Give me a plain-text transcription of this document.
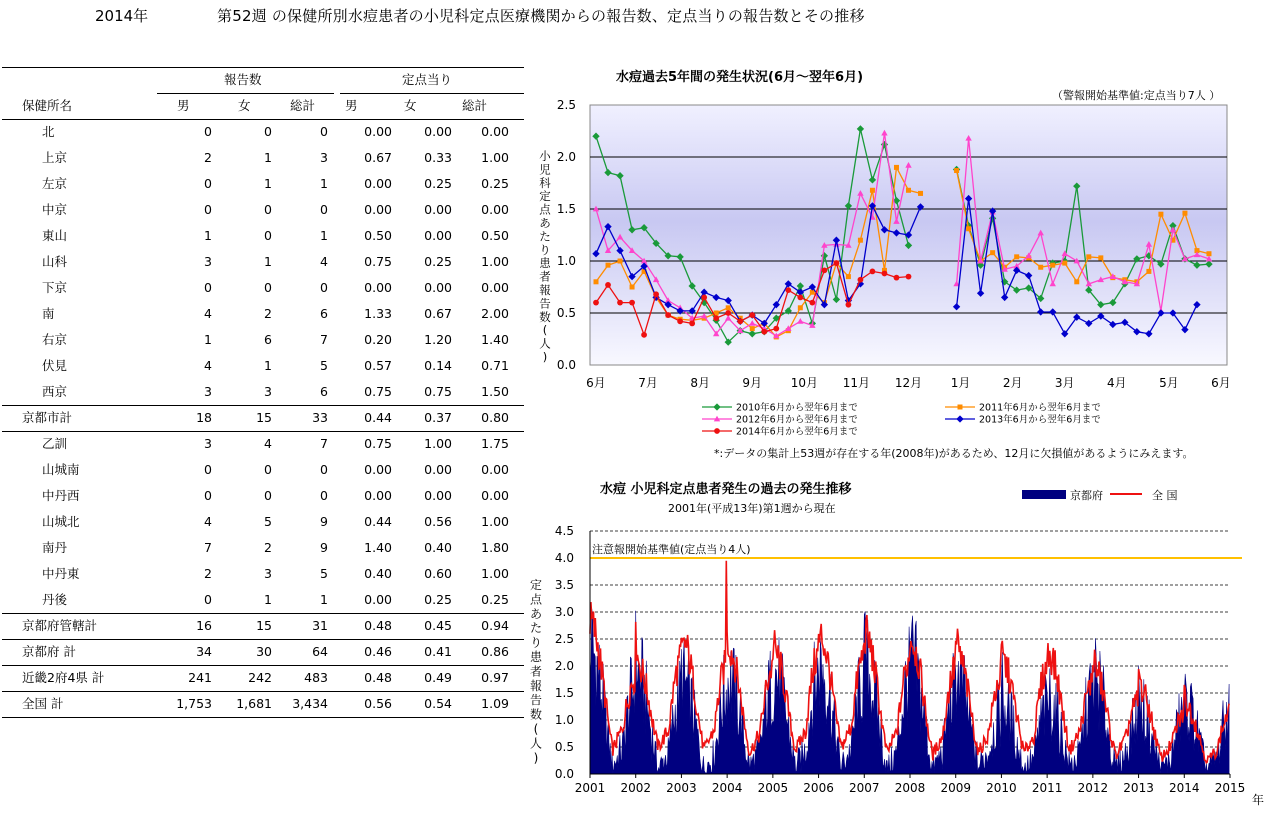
2014年	第52週 の保健所別水痘患者の小児科定点医療機関からの報告数、定点当りの報告数とその推移
報告数	定点当り
保健所名	男	女	総計 男	女	総計
北	0	0	0	0.00	0.00 0.00
上京	2	1	3	0.67	0.33 1.00
左京	0	1	1	0.00	0.25 0.25
中京	0	0	0	0.00	0.00 0.00
東山	1	0	1	0.50	0.00 0.50
山科	3	1	4	0.75	0.25 1.00
下京	0	0	0	0.00	0.00 0.00
南	4	2	6	1.33	0.67 2.00
右京	1	6	7	0.20	1.20 1.40
伏見	4	1	5	0.57	0.14 0.71
西京	3	3	6	0.75	0.75 1.50
京都市計	18	15	33	0.44	0.37 0.80
乙訓	3	4	7	0.75	1.00 1.75
山城南	0	0	0	0.00	0.00 0.00
中丹西	0	0	0	0.00	0.00 0.00
山城北	4	5	9	0.44	0.56 1.00
南丹	7	2	9	1.40	0.40 1.80
中丹東	2	3	5	0.40	0.60 1.00
丹後	0	1	1	0.00	0.25 0.25
京都府管轄計	16	15	31	0.48	0.45 0.94
京都府 計	34	30	64	0.46	0.41 0.86
近畿2府4県 計	241	242	483	0.48	0.49 0.97
全国 計	1,753 1,681 3,434	0.56	0.54 1.09
水痘過去5年間の発生状況(6月～翌年6月)
（警報開始基準値:定点当り7人 ）
0.0
0.5
1.0
1.5
2.0
2.5
6月	7月	8月	9月 10月 11月 12月 1月	2月	3月	4月	5月	6月
小
児
科
定
点
あ
た
り
患
者
報
告
数
(
人
)
2010年6月から翌年6月まで	2011年6月から翌年6月まで
2012年6月から翌年6月まで	2013年6月から翌年6月まで
2014年6月から翌年6月まで
*:データの集計上53週が存在する年(2008年)があるため、12月に欠損値があるようにみえます。
水痘 小児科定点患者発生の過去の発生推移
2001年(平成13年)第1週から現在
京都府	全 国
注意報開始基準値(定点当り4人)
0.0
0.5
1.0
1.5
2.0
2.5
3.0
3.5
4.0
4.5
2001 2002 2003 2004 2005 2006 2007 2008 2009 2010 2011 2012 2013 2014 2015
年
定
点
あ
た
り
患
者
報
告
数
(
人
)
